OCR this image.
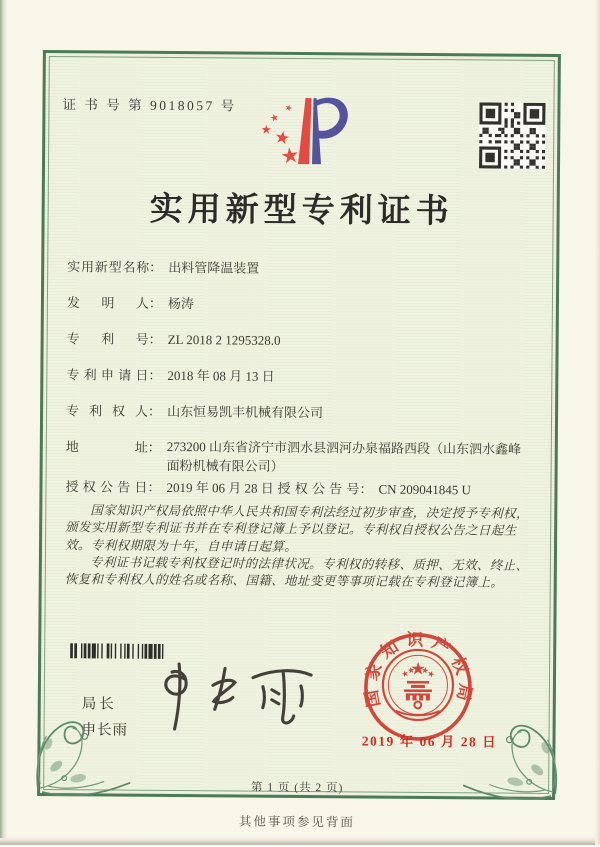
证 书 号 第 9018057 号
实用新型专利证书
实用新型名称： 出料管降温装置
发　明　人： 杨涛
专　利　号： ZL 2018 2 1295328.0
专利申请日： 2018 年 08 月 13 日
专 利 权 人： 山东恒易凯丰机械有限公司
地　　　址： 273200 山东省济宁市泗水县泗河办泉福路西段（山东泗水鑫峰面粉机械有限公司）
授权公告日： 2019 年 06 月 28 日 授权公告号： CN 209041845 U

国家知识产权局依照中华人民共和国专利法经过初步审查，决定授予专利权，颁发实用新型专利证书并在专利登记簿上予以登记。专利权自授权公告之日起生效。专利权期限为十年，自申请日起算。

专利证书记载专利权登记时的法律状况。专利权的转移、质押、无效、终止、恢复和专利权人的姓名或名称、国籍、地址变更等事项记载在专利登记簿上。

局长
申长雨
国家知识产权局
2019 年 06 月 28 日
第 1 页 (共 2 页)
其他事项参见背面
